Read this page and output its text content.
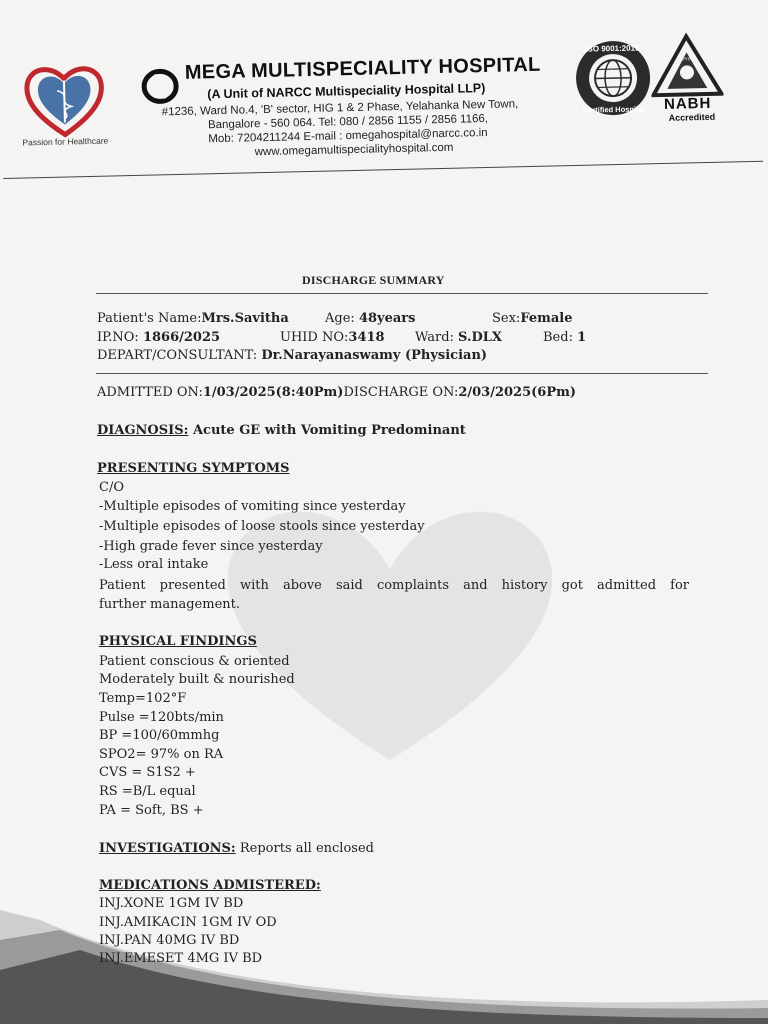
Passion for Healthcare
MEGA MULTISPECIALITY HOSPITAL
(A Unit of NARCC Multispeciality Hospital LLP)
#1236, Ward No.4, 'B' sector, HIG 1 & 2 Phase, Yelahanka New Town,
Bangalore - 560 064. Tel: 080 / 2856 1155 / 2856 1166,
Mob: 7204211244 E-mail : omegahospital@narcc.co.in
www.omegamultispecialityhospital.com
ISO 9001:2015
Certified Hospital
Pre
NABH
Accredited
DISCHARGE SUMMARY
Patient's Name:Mrs.Savitha	Age: 48years	Sex:Female
IP.NO: 1866/2025	UHID NO:3418 Ward: S.DLX	Bed: 1
DEPART/CONSULTANT: Dr.Narayanaswamy (Physician)
ADMITTED ON:1/03/2025(8:40Pm)DISCHARGE ON:2/03/2025(6Pm)
DIAGNOSIS: Acute GE with Vomiting Predominant
PRESENTING SYMPTOMS
C/O
-Multiple episodes of vomiting since yesterday
-Multiple episodes of loose stools since yesterday
-High grade fever since yesterday
-Less oral intake
Patient presented with above said complaints and history got admitted for
further management.
PHYSICAL FINDINGS
Patient conscious & oriented
Moderately built & nourished
Temp=102°F
Pulse =120bts/min
BP =100/60mmhg
SPO2= 97% on RA
CVS = S1S2 +
RS =B/L equal
PA = Soft, BS +
INVESTIGATIONS: Reports all enclosed
MEDICATIONS ADMISTERED:
INJ.XONE 1GM IV BD
INJ.AMIKACIN 1GM IV OD
INJ.PAN 40MG IV BD
INJ.EMESET 4MG IV BD
